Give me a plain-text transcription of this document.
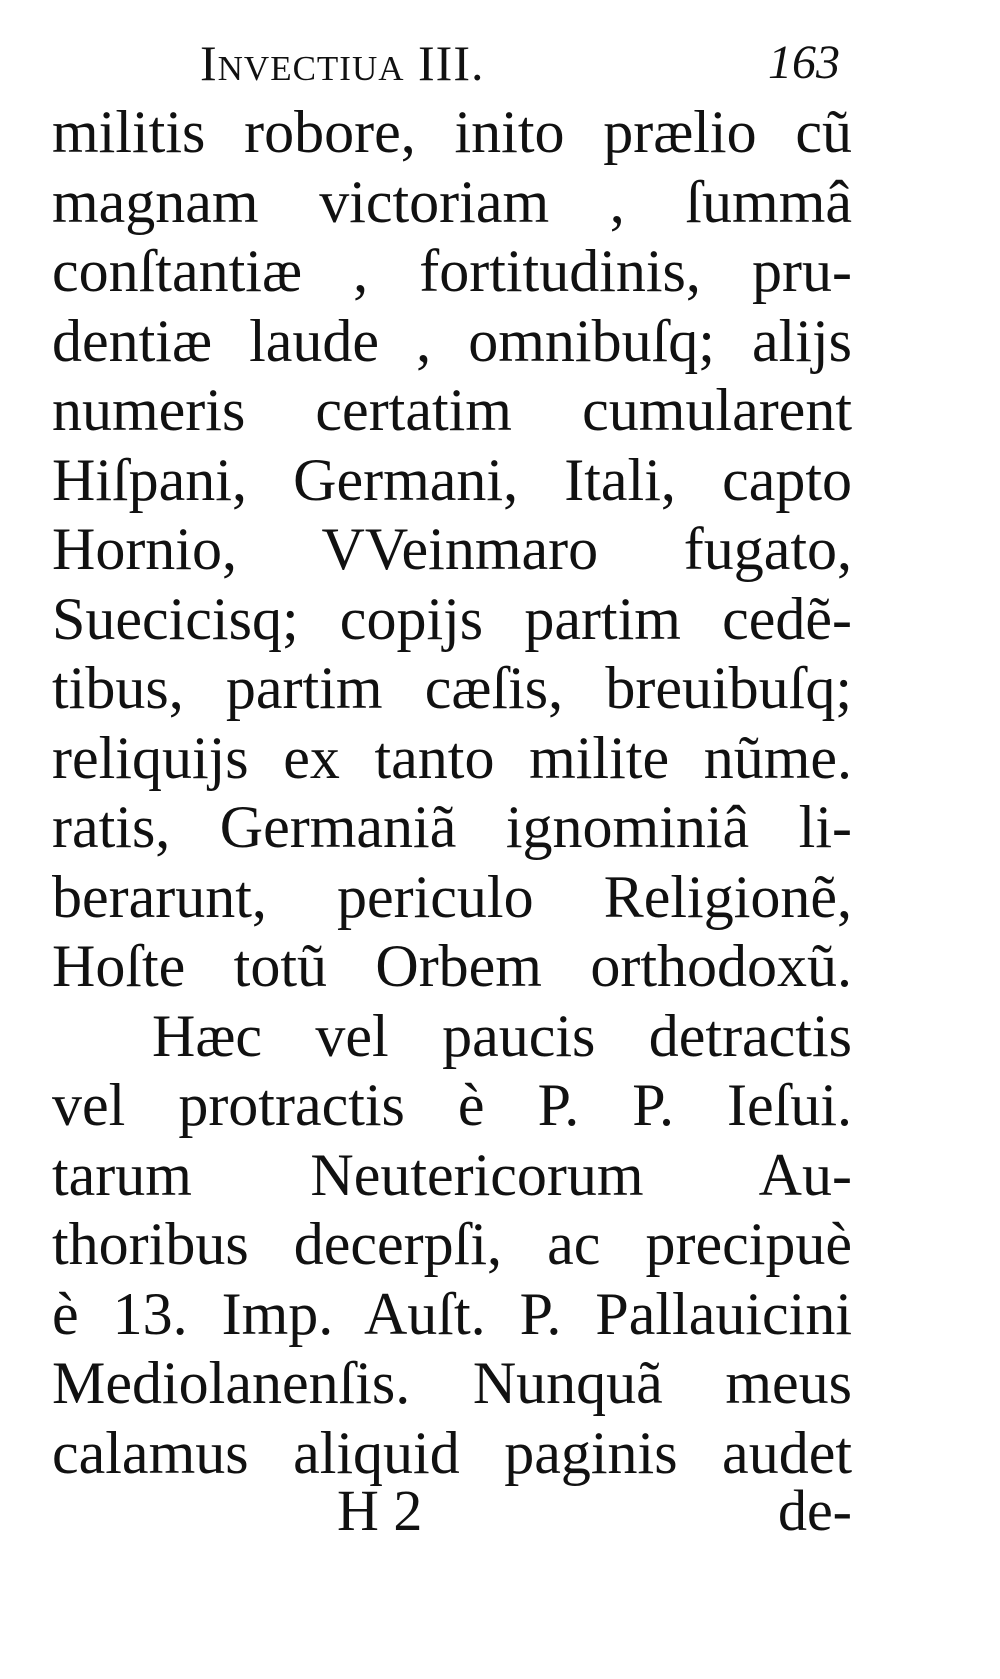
Invectiua III.	163
militis robore, inito prælio cũ
magnam victoriam , ſummâ
conſtantiæ , fortitudinis, pru-
dentiæ laude , omnibuſq; alijs
numeris certatim cumularent
Hiſpani, Germani, Itali, capto
Hornio, VVeinmaro fugato,
Suecicisq; copijs partim cedẽ-
tibus, partim cæſis, breuibuſq;
reliquijs ex tanto milite nũme.
ratis, Germaniã ignominiâ li-
berarunt, periculo Religionẽ,
Hoſte totũ Orbem orthodoxũ.
Hæc vel paucis detractis
vel protractis è P. P. Ieſui.
tarum Neutericorum Au-
thoribus decerpſi, ac precipuè
è 13. Imp. Auſt. P. Pallauicini
Mediolanenſis. Nunquã meus
calamus aliquid paginis audet
H 2	de-
